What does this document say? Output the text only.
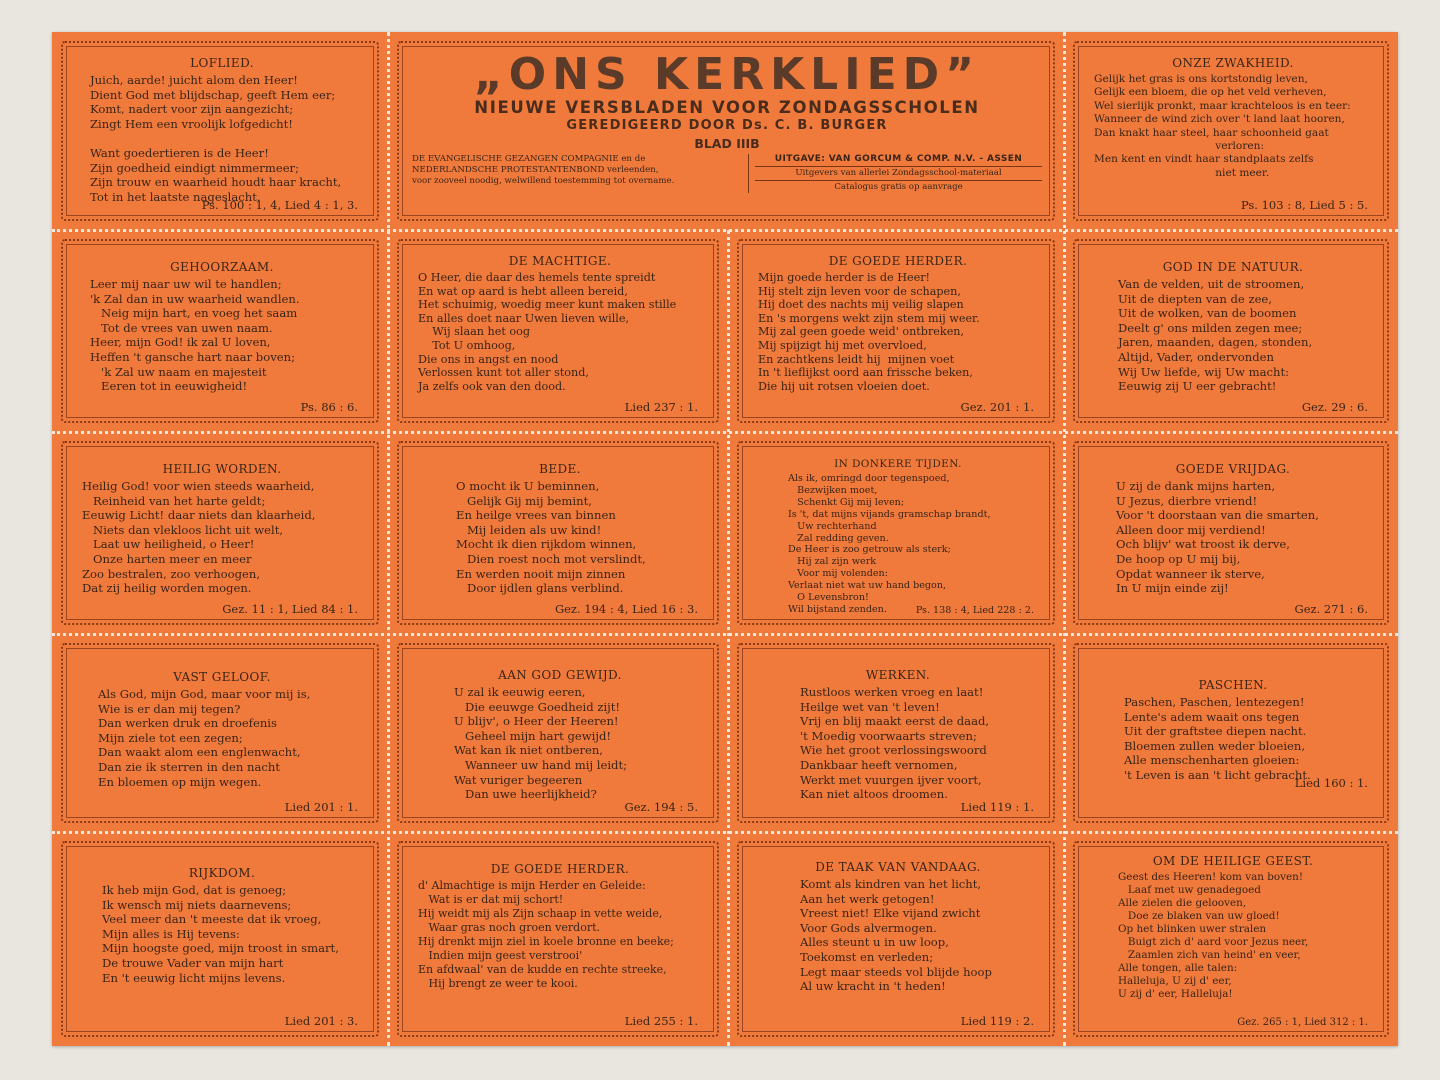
LOFLIED.
Juich, aarde! juicht alom den Heer!
Dient God met blijdschap, geeft Hem eer;
Komt, nadert voor zijn aangezicht;
Zingt Hem een vroolijk lofgedicht!

Want goedertieren is de Heer!
Zijn goedheid eindigt nimmermeer;
Zijn trouw en waarheid houdt haar kracht,
Tot in het laatste nageslacht.
Ps. 100 : 1, 4, Lied 4 : 1, 3.
„ONS KERKLIED”
NIEUWE VERSBLADEN VOOR ZONDAGSSCHOLEN
GEREDIGEERD DOOR Ds. C. B. BURGER
BLAD IIIB
DE EVANGELISCHE GEZANGEN COMPAGNIE en de
NEDERLANDSCHE PROTESTANTENBOND verleenden,
voor zooveel noodig, welwillend toestemming tot overname.
UITGAVE: VAN GORCUM & COMP. N.V. - ASSEN
Uitgevers van allerlei Zondagsschool-materiaal
Catalogus gratis op aanvrage
ONZE ZWAKHEID.
Gelijk het gras is ons kortstondig leven,
Gelijk een bloem, die op het veld verheven,
Wel sierlijk pronkt, maar krachteloos is en teer:
Wanneer de wind zich over 't land laat hooren,
Dan knakt haar steel, haar schoonheid gaat
verloren:
Men kent en vindt haar standplaats zelfs
niet meer.
Ps. 103 : 8, Lied 5 : 5.
GEHOORZAAM.
Leer mij naar uw wil te handlen;
'k Zal dan in uw waarheid wandlen.
Neig mijn hart, en voeg het saam
Tot de vrees van uwen naam.
Heer, mijn God! ik zal U loven,
Heffen 't gansche hart naar boven;
'k Zal uw naam en majesteit
Eeren tot in eeuwigheid!
Ps. 86 : 6.
DE MACHTIGE.
O Heer, die daar des hemels tente spreidt
En wat op aard is hebt alleen bereid,
Het schuimig, woedig meer kunt maken stille
En alles doet naar Uwen lieven wille,
Wij slaan het oog
Tot U omhoog,
Die ons in angst en nood
Verlossen kunt tot aller stond,
Ja zelfs ook van den dood.
Lied 237 : 1.
DE GOEDE HERDER.
Mijn goede herder is de Heer!
Hij stelt zijn leven voor de schapen,
Hij doet des nachts mij veilig slapen
En 's morgens wekt zijn stem mij weer.
Mij zal geen goede weid' ontbreken,
Mij spijzigt hij met overvloed,
En zachtkens leidt hij  mijnen voet
In 't lieflijkst oord aan frissche beken,
Die hij uit rotsen vloeien doet.
Gez. 201 : 1.
GOD IN DE NATUUR.
Van de velden, uit de stroomen,
Uit de diepten van de zee,
Uit de wolken, van de boomen
Deelt g' ons milden zegen mee;
Jaren, maanden, dagen, stonden,
Altijd, Vader, ondervonden
Wij Uw liefde, wij Uw macht:
Eeuwig zij U eer gebracht!
Gez. 29 : 6.
HEILIG WORDEN.
Heilig God! voor wien steeds waarheid,
Reinheid van het harte geldt;
Eeuwig Licht! daar niets dan klaarheid,
Niets dan vlekloos licht uit welt,
Laat uw heiligheid, o Heer!
Onze harten meer en meer
Zoo bestralen, zoo verhoogen,
Dat zij heilig worden mogen.
Gez. 11 : 1, Lied 84 : 1.
BEDE.
O mocht ik U beminnen,
Gelijk Gij mij bemint,
En heilge vrees van binnen
Mij leiden als uw kind!
Mocht ik dien rijkdom winnen,
Dien roest noch mot verslindt,
En werden nooit mijn zinnen
Door ijdlen glans verblind.
Gez. 194 : 4, Lied 16 : 3.
IN DONKERE TIJDEN.
Als ik, omringd door tegenspoed,
Bezwijken moet,
Schenkt Gij mij leven;
Is 't, dat mijns vijands gramschap brandt,
Uw rechterhand
Zal redding geven.
De Heer is zoo getrouw als sterk;
Hij zal zijn werk
Voor mij volenden:
Verlaat niet wat uw hand begon,
O Levensbron!
Wil bijstand zenden.	Ps. 138 : 4, Lied 228 : 2.
GOEDE VRIJDAG.
U zij de dank mijns harten,
U Jezus, dierbre vriend!
Voor 't doorstaan van die smarten,
Alleen door mij verdiend!
Och blijv' wat troost ik derve,
De hoop op U mij bij,
Opdat wanneer ik sterve,
In U mijn einde zij!
Gez. 271 : 6.
VAST GELOOF.
Als God, mijn God, maar voor mij is,
Wie is er dan mij tegen?
Dan werken druk en droefenis
Mijn ziele tot een zegen;
Dan waakt alom een englenwacht,
Dan zie ik sterren in den nacht
En bloemen op mijn wegen.
Lied 201 : 1.
AAN GOD GEWIJD.
U zal ik eeuwig eeren,
Die eeuwge Goedheid zijt!
U blijv', o Heer der Heeren!
Geheel mijn hart gewijd!
Wat kan ik niet ontberen,
Wanneer uw hand mij leidt;
Wat vuriger begeeren
Dan uwe heerlijkheid?
Gez. 194 : 5.
WERKEN.
Rustloos werken vroeg en laat!
Heilge wet van 't leven!
Vrij en blij maakt eerst de daad,
't Moedig voorwaarts streven;
Wie het groot verlossingswoord
Dankbaar heeft vernomen,
Werkt met vuurgen ijver voort,
Kan niet altoos droomen.
Lied 119 : 1.
PASCHEN.
Paschen, Paschen, lentezegen!
Lente's adem waait ons tegen
Uit der graftstee diepen nacht.
Bloemen zullen weder bloeien,
Alle menschenharten gloeien:
't Leven is aan 't licht gebracht.
Lied 160 : 1.
RIJKDOM.
Ik heb mijn God, dat is genoeg;
Ik wensch mij niets daarnevens;
Veel meer dan 't meeste dat ik vroeg,
Mijn alles is Hij tevens:
Mijn hoogste goed, mijn troost in smart,
De trouwe Vader van mijn hart
En 't eeuwig licht mijns levens.
Lied 201 : 3.
DE GOEDE HERDER.
d' Almachtige is mijn Herder en Geleide:
Wat is er dat mij schort!
Hij weidt mij als Zijn schaap in vette weide,
Waar gras noch groen verdort.
Hij drenkt mijn ziel in koele bronne en beeke;
Indien mijn geest verstrooi'
En afdwaal' van de kudde en rechte streeke,
Hij brengt ze weer te kooi.
Lied 255 : 1.
DE TAAK VAN VANDAAG.
Komt als kindren van het licht,
Aan het werk getogen!
Vreest niet! Elke vijand zwicht
Voor Gods alvermogen.
Alles steunt u in uw loop,
Toekomst en verleden;
Legt maar steeds vol blijde hoop
Al uw kracht in 't heden!
Lied 119 : 2.
OM DE HEILIGE GEEST.
Geest des Heeren! kom van boven!
Laaf met uw genadegoed
Alle zielen die gelooven,
Doe ze blaken van uw gloed!
Op het blinken uwer stralen
Buigt zich d' aard voor Jezus neer,
Zaamlen zich van heind' en veer,
Alle tongen, alle talen:
Halleluja, U zij d' eer,
U zij d' eer, Halleluja!
Gez. 265 : 1, Lied 312 : 1.
